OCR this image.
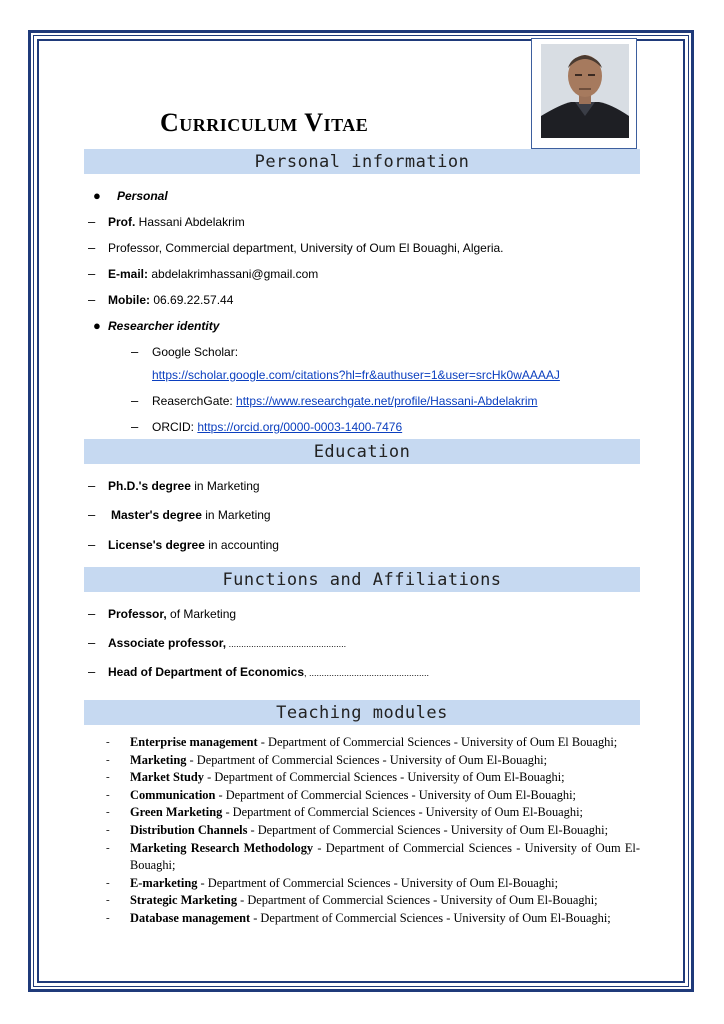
Curriculum Vitae
Personal information
● Personal
– Prof. Hassani Abdelakrim
– Professor, Commercial department, University of Oum El Bouaghi, Algeria.
– E-mail: abdelakrimhassani@gmail.com
– Mobile: 06.69.22.57.44
● Researcher identity
– Google Scholar:
https://scholar.google.com/citations?hl=fr&authuser=1&user=srcHk0wAAAAJ
– ReaserchGate: https://www.researchgate.net/profile/Hassani-Abdelakrim
– ORCID: https://orcid.org/0000-0003-1400-7476
Education
– Ph.D.'s degree in Marketing
– Master's degree in Marketing
– License's degree in accounting
Functions and Affiliations
– Professor, of Marketing
– Associate professor, ...............................................
– Head of Department of Economics, ................................................
Teaching modules
- Enterprise management - Department of Commercial Sciences - University of Oum El Bouaghi;
- Marketing - Department of Commercial Sciences - University of Oum El-Bouaghi;
- Market Study - Department of Commercial Sciences - University of Oum El-Bouaghi;
- Communication - Department of Commercial Sciences - University of Oum El-Bouaghi;
- Green Marketing - Department of Commercial Sciences - University of Oum El-Bouaghi;
- Distribution Channels - Department of Commercial Sciences - University of Oum El-Bouaghi;
- Marketing Research Methodology - Department of Commercial Sciences - University of Oum El-Bouaghi;
- E-marketing - Department of Commercial Sciences - University of Oum El-Bouaghi;
- Strategic Marketing - Department of Commercial Sciences - University of Oum El-Bouaghi;
- Database management - Department of Commercial Sciences - University of Oum El-Bouaghi;
